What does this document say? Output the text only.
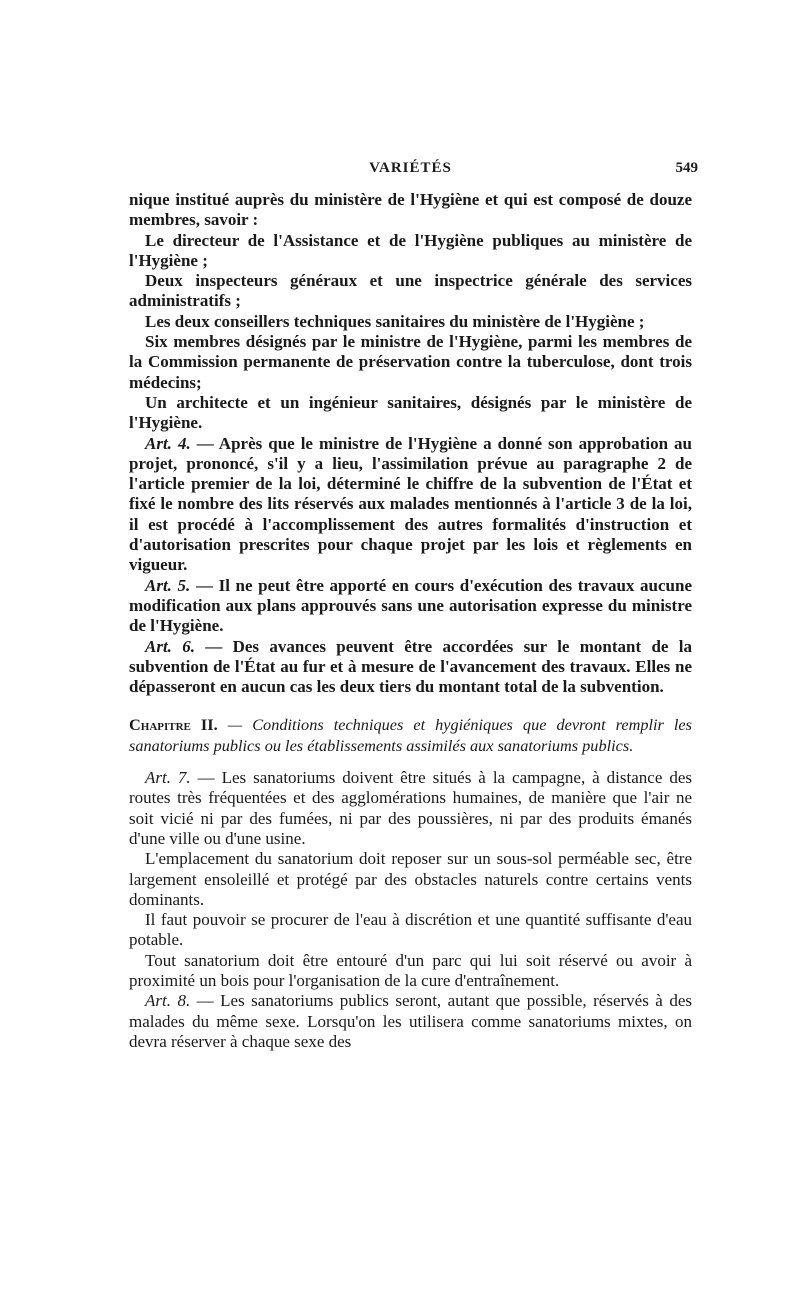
VARIÉTÉS	549

nique institué auprès du ministère de l'Hygiène et qui est composé de douze membres, savoir :

Le directeur de l'Assistance et de l'Hygiène publiques au ministère de l'Hygiène ;

Deux inspecteurs généraux et une inspectrice générale des services administratifs ;

Les deux conseillers techniques sanitaires du ministère de l'Hygiène ;

Six membres désignés par le ministre de l'Hygiène, parmi les membres de la Commission permanente de préservation contre la tuberculose, dont trois médecins;

Un architecte et un ingénieur sanitaires, désignés par le ministère de l'Hygiène.

Art. 4. — Après que le ministre de l'Hygiène a donné son approbation au projet, prononcé, s'il y a lieu, l'assimilation prévue au paragraphe 2 de l'article premier de la loi, déterminé le chiffre de la subvention de l'État et fixé le nombre des lits réservés aux malades mentionnés à l'article 3 de la loi, il est procédé à l'accomplissement des autres formalités d'instruction et d'autorisation prescrites pour chaque projet par les lois et règlements en vigueur.

Art. 5. — Il ne peut être apporté en cours d'exécution des travaux aucune modification aux plans approuvés sans une autorisation expresse du ministre de l'Hygiène.

Art. 6. — Des avances peuvent être accordées sur le montant de la subvention de l'État au fur et à mesure de l'avancement des travaux. Elles ne dépasseront en aucun cas les deux tiers du montant total de la subvention.

Chapitre II. — Conditions techniques et hygiéniques que devront remplir les sanatoriums publics ou les établissements assimilés aux sanatoriums publics.

Art. 7. — Les sanatoriums doivent être situés à la campagne, à distance des routes très fréquentées et des agglomérations humaines, de manière que l'air ne soit vicié ni par des fumées, ni par des poussières, ni par des produits émanés d'une ville ou d'une usine.

L'emplacement du sanatorium doit reposer sur un sous-sol perméable sec, être largement ensoleillé et protégé par des obstacles naturels contre certains vents dominants.

Il faut pouvoir se procurer de l'eau à discrétion et une quantité suffisante d'eau potable.

Tout sanatorium doit être entouré d'un parc qui lui soit réservé ou avoir à proximité un bois pour l'organisation de la cure d'entraînement.

Art. 8. — Les sanatoriums publics seront, autant que possible, réservés à des malades du même sexe. Lorsqu'on les utilisera comme sanatoriums mixtes, on devra réserver à chaque sexe des
